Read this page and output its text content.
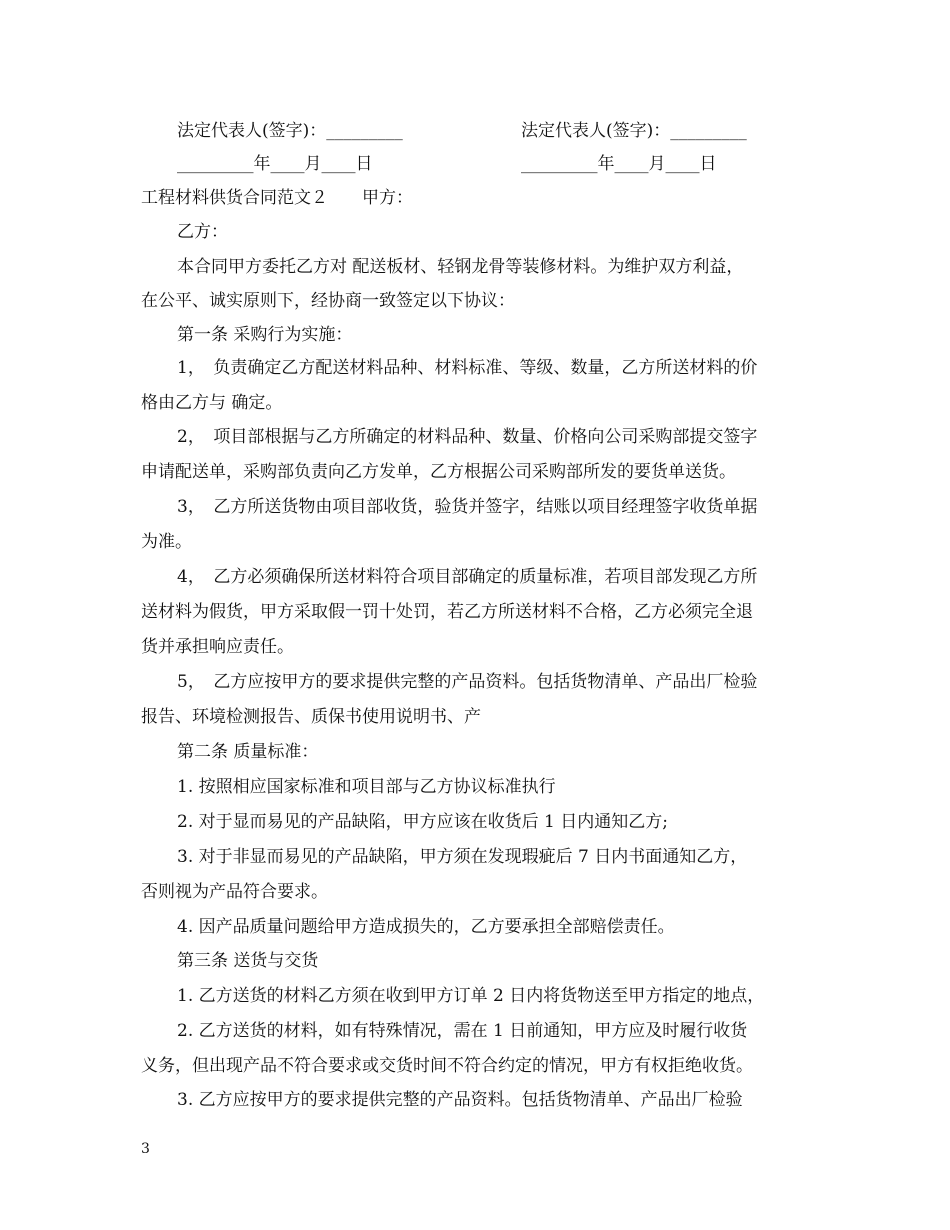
法定代表人(签字)：_________	法定代表人(签字)：_________
_________年____月____日	_________年____月____日
工程材料供货合同范文２　　甲方：
乙方：
本合同甲方委托乙方对 配送板材、轻钢龙骨等装修材料。为维护双方利益，
在公平、诚实原则下，经协商一致签定以下协议：
第一条 采购行为实施：
1，　负责确定乙方配送材料品种、材料标准、等级、数量，乙方所送材料的价
格由乙方与 确定。
2，　项目部根据与乙方所确定的材料品种、数量、价格向公司采购部提交签字
申请配送单，采购部负责向乙方发单，乙方根据公司采购部所发的要货单送货。
3，　乙方所送货物由项目部收货，验货并签字，结账以项目经理签字收货单据
为准。
4，　乙方必须确保所送材料符合项目部确定的质量标准，若项目部发现乙方所
送材料为假货，甲方采取假一罚十处罚，若乙方所送材料不合格，乙方必须完全退
货并承担响应责任。
5，　乙方应按甲方的要求提供完整的产品资料。包括货物清单、产品出厂检验
报告、环境检测报告、质保书使用说明书、产
第二条 质量标准：
1. 按照相应国家标准和项目部与乙方协议标准执行
2. 对于显而易见的产品缺陷，甲方应该在收货后 1 日内通知乙方;
3. 对于非显而易见的产品缺陷，甲方须在发现瑕疵后 7 日内书面通知乙方，
否则视为产品符合要求。
4. 因产品质量问题给甲方造成损失的，乙方要承担全部赔偿责任。
第三条 送货与交货
1. 乙方送货的材料乙方须在收到甲方订单 2 日内将货物送至甲方指定的地点，
2. 乙方送货的材料，如有特殊情况，需在 1 日前通知，甲方应及时履行收货
义务，但出现产品不符合要求或交货时间不符合约定的情况，甲方有权拒绝收货。
3. 乙方应按甲方的要求提供完整的产品资料。包括货物清单、产品出厂检验
3
